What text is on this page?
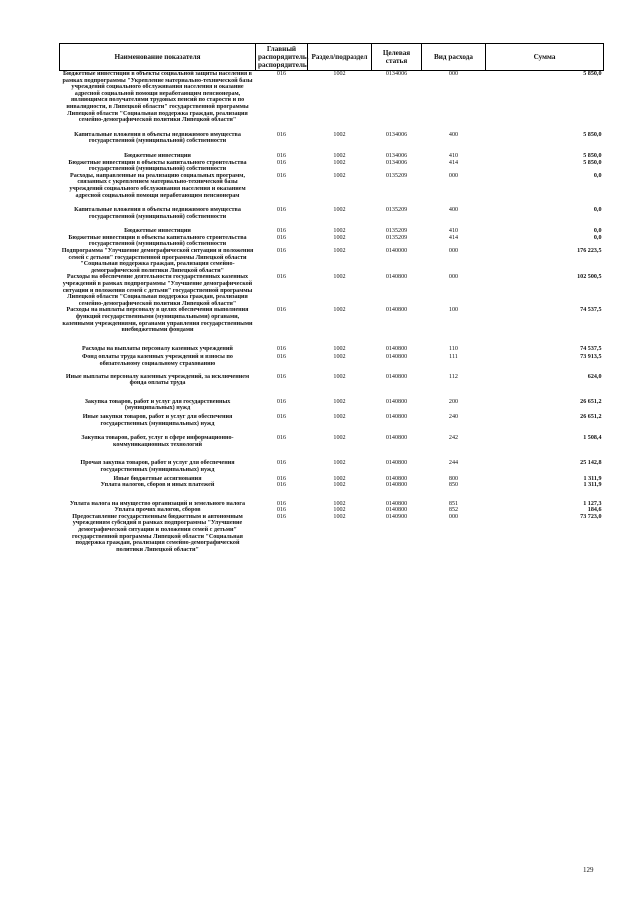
Наименование показателя	Главный распорядитель, распорядитель	Раздел/подраздел	Целевая статья	Вид расхода	Сумма
Бюджетные инвестиции в объекты социальной защиты населения в рамках подпрограммы "Укрепление материально-технической базы учреждений социального обслуживания населения и оказание адресной социальной помощи неработающим пенсионерам, являющимся получателями трудовых пенсий по старости и по инвалидности, в Липецкой области" государственной программы Липецкой области "Социальная поддержка граждан, реализация семейно-демографической политики Липецкой области"	016	1002	0134006	000	5 850,0
Капитальные вложения в объекты недвижимого имущества государственной (муниципальной) собственности	016	1002	0134006	400	5 850,0
Бюджетные инвестиции	016	1002	0134006	410	5 850,0
Бюджетные инвестиции в объекты капитального строительства государственной (муниципальной) собственности	016	1002	0134006	414	5 850,0
Расходы, направленные на реализацию социальных программ, связанных с укреплением материально-технической базы учреждений социального обслуживания населения и оказанием адресной социальной помощи неработающим пенсионерам	016	1002	0135209	000	0,0
Капитальные вложения в объекты недвижимого имущества государственной (муниципальной) собственности	016	1002	0135209	400	0,0
Бюджетные инвестиции	016	1002	0135209	410	0,0
Бюджетные инвестиции в объекты капитального строительства государственной (муниципальной) собственности	016	1002	0135209	414	0,0
Подпрограмма "Улучшение демографической ситуации и положения семей с детьми" государственной программы Липецкой области "Социальная поддержка граждан, реализация семейно-демографической политики Липецкой области"	016	1002	0140000	000	176 223,5
Расходы на обеспечение деятельности государственных казенных учреждений в рамках подпрограммы "Улучшение демографической ситуации и положения семей с детьми" государственной программы Липецкой области "Социальная поддержка граждан, реализация семейно-демографической политики Липецкой области"	016	1002	0140800	000	102 500,5
Расходы на выплаты персоналу в целях обеспечения выполнения функций государственными (муниципальными) органами, казенными учреждениями, органами управления государственными внебюджетными фондами	016	1002	0140800	100	74 537,5
Расходы на выплаты персоналу казенных учреждений	016	1002	0140800	110	74 537,5
Фонд оплаты труда казенных учреждений и взносы по обязательному социальному страхованию	016	1002	0140800	111	73 913,5
Иные выплаты персоналу казенных учреждений, за исключением фонда оплаты труда	016	1002	0140800	112	624,0
Закупка товаров, работ и услуг для государственных (муниципальных) нужд	016	1002	0140800	200	26 651,2
Иные закупки товаров, работ и услуг для обеспечения государственных (муниципальных) нужд	016	1002	0140800	240	26 651,2
Закупка товаров, работ, услуг в сфере информационно-коммуникационных технологий	016	1002	0140800	242	1 508,4
Прочая закупка товаров, работ и услуг для обеспечения государственных (муниципальных) нужд	016	1002	0140800	244	25 142,8
Иные бюджетные ассигнования	016	1002	0140800	800	1 311,9
Уплата налогов, сборов и иных платежей	016	1002	0140800	850	1 311,9
Уплата налога на имущество организаций и земельного налога	016	1002	0140800	851	1 127,3
Уплата прочих налогов, сборов	016	1002	0140800	852	184,6
Предоставление государственным бюджетным и автономным учреждениям субсидий в рамках подпрограммы "Улучшение демографической ситуации и положения семей с детьми" государственной программы Липецкой области "Социальная поддержка граждан, реализация семейно-демографической политики Липецкой области"	016	1002	0140900	000	73 723,0
129
